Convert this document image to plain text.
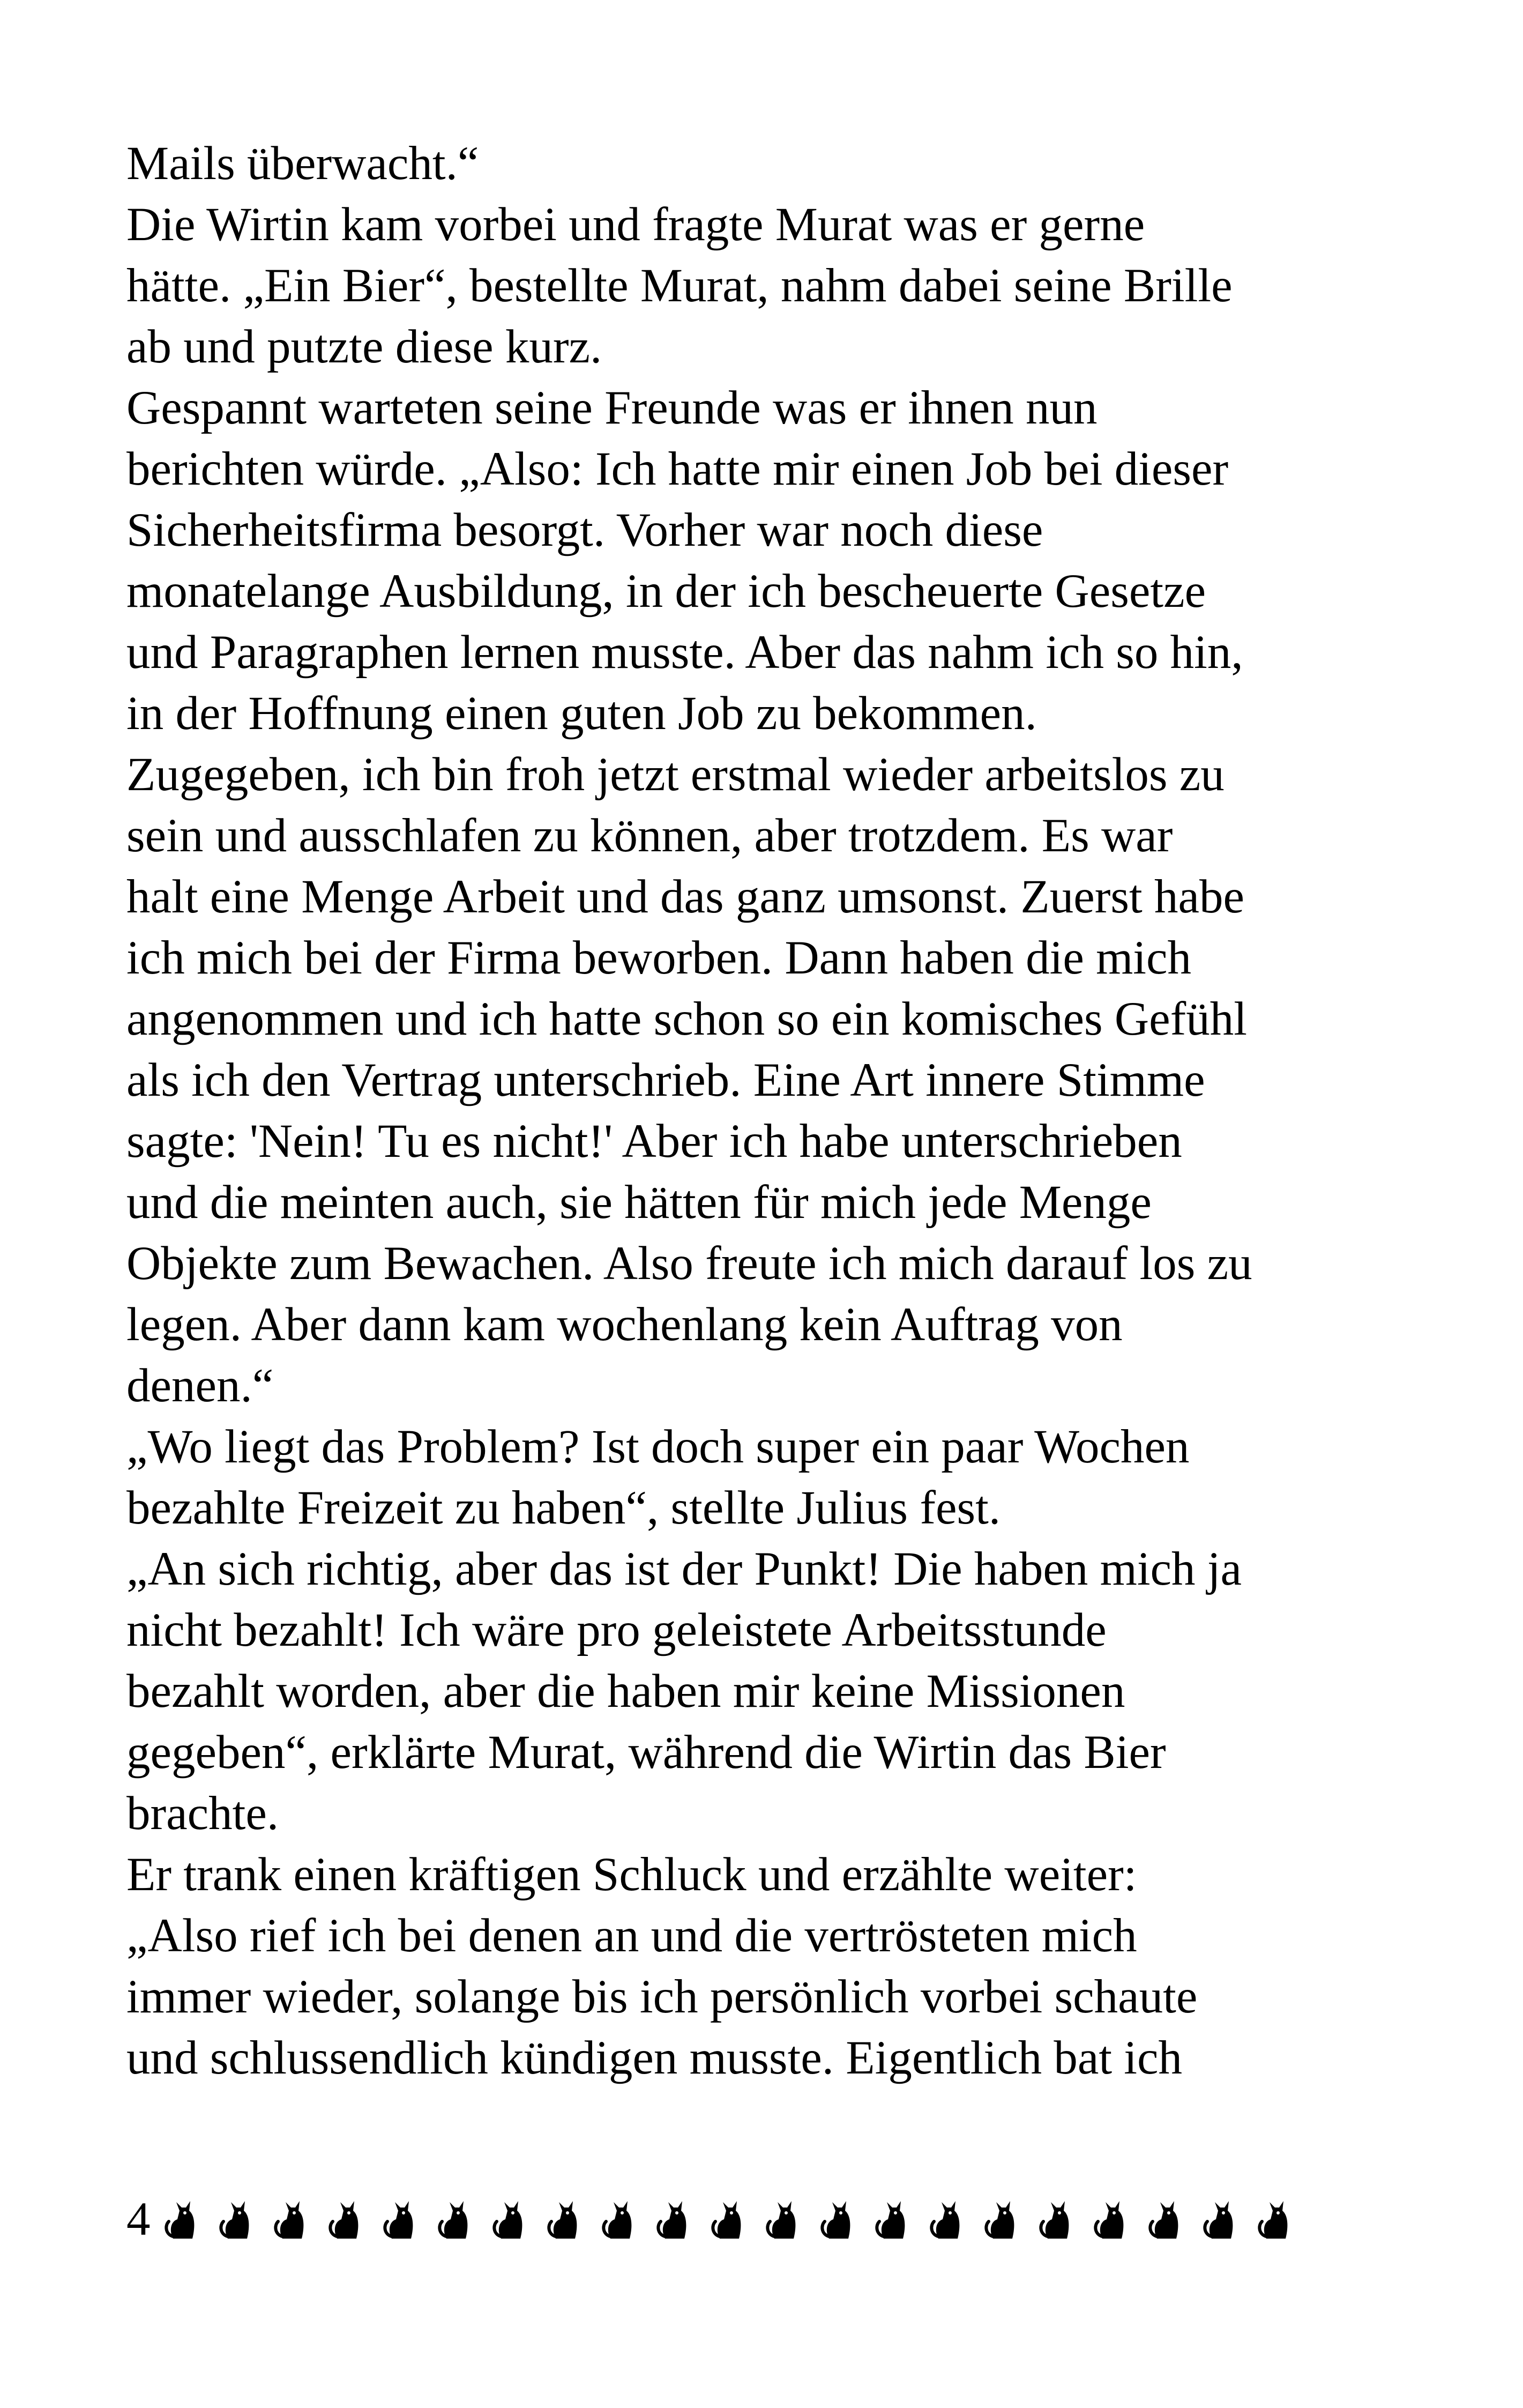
Mails überwacht.“
Die Wirtin kam vorbei und fragte Murat was er gerne
hätte. „Ein Bier“, bestellte Murat, nahm dabei seine Brille
ab und putzte diese kurz.
Gespannt warteten seine Freunde was er ihnen nun
berichten würde. „Also: Ich hatte mir einen Job bei dieser
Sicherheitsfirma besorgt. Vorher war noch diese
monatelange Ausbildung, in der ich bescheuerte Gesetze
und Paragraphen lernen musste. Aber das nahm ich so hin,
in der Hoffnung einen guten Job zu bekommen.
Zugegeben, ich bin froh jetzt erstmal wieder arbeitslos zu
sein und ausschlafen zu können, aber trotzdem. Es war
halt eine Menge Arbeit und das ganz umsonst. Zuerst habe
ich mich bei der Firma beworben. Dann haben die mich
angenommen und ich hatte schon so ein komisches Gefühl
als ich den Vertrag unterschrieb. Eine Art innere Stimme
sagte: 'Nein! Tu es nicht!' Aber ich habe unterschrieben
und die meinten auch, sie hätten für mich jede Menge
Objekte zum Bewachen. Also freute ich mich darauf los zu
legen. Aber dann kam wochenlang kein Auftrag von
denen.“
„Wo liegt das Problem? Ist doch super ein paar Wochen
bezahlte Freizeit zu haben“, stellte Julius fest.
„An sich richtig, aber das ist der Punkt! Die haben mich ja
nicht bezahlt! Ich wäre pro geleistete Arbeitsstunde
bezahlt worden, aber die haben mir keine Missionen
gegeben“, erklärte Murat, während die Wirtin das Bier
brachte.
Er trank einen kräftigen Schluck und erzählte weiter:
„Also rief ich bei denen an und die vertrösteten mich
immer wieder, solange bis ich persönlich vorbei schaute
und schlussendlich kündigen musste. Eigentlich bat ich
4
